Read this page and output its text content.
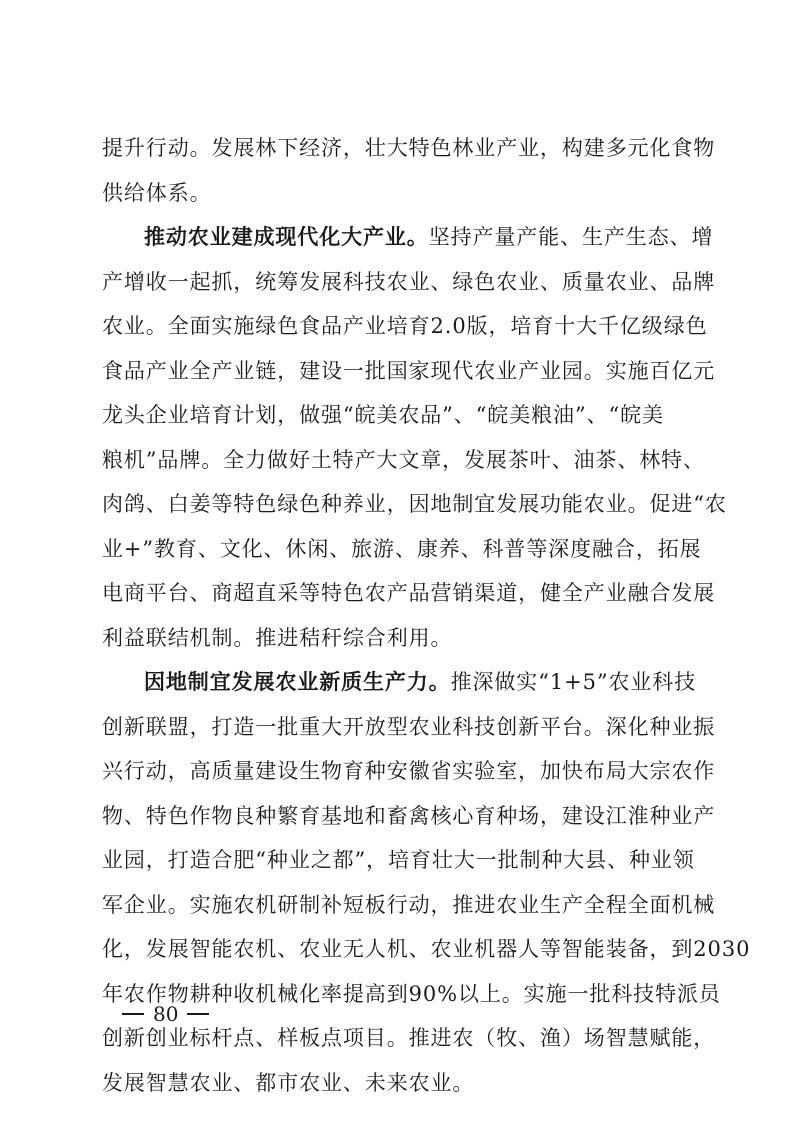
提升行动。发展林下经济，壮大特色林业产业，构建多元化食物
供给体系。
推动农业建成现代化大产业。坚持产量产能、生产生态、增
产增收一起抓，统筹发展科技农业、绿色农业、质量农业、品牌
农业。全面实施绿色食品产业培育2.0版，培育十大千亿级绿色
食品产业全产业链，建设一批国家现代农业产业园。实施百亿元
龙头企业培育计划，做强“皖美农品”、“皖美粮油”、“皖美
粮机”品牌。全力做好土特产大文章，发展茶叶、油茶、林特、
肉鸽、白姜等特色绿色种养业，因地制宜发展功能农业。促进“农
业+”教育、文化、休闲、旅游、康养、科普等深度融合，拓展
电商平台、商超直采等特色农产品营销渠道，健全产业融合发展
利益联结机制。推进秸秆综合利用。
因地制宜发展农业新质生产力。推深做实“1+5”农业科技
创新联盟，打造一批重大开放型农业科技创新平台。深化种业振
兴行动，高质量建设生物育种安徽省实验室，加快布局大宗农作
物、特色作物良种繁育基地和畜禽核心育种场，建设江淮种业产
业园，打造合肥“种业之都”，培育壮大一批制种大县、种业领
军企业。实施农机研制补短板行动，推进农业生产全程全面机械
化，发展智能农机、农业无人机、农业机器人等智能装备，到2030
年农作物耕种收机械化率提高到90%以上。实施一批科技特派员
创新创业标杆点、样板点项目。推进农（牧、渔）场智慧赋能，
发展智慧农业、都市农业、未来农业。
80
